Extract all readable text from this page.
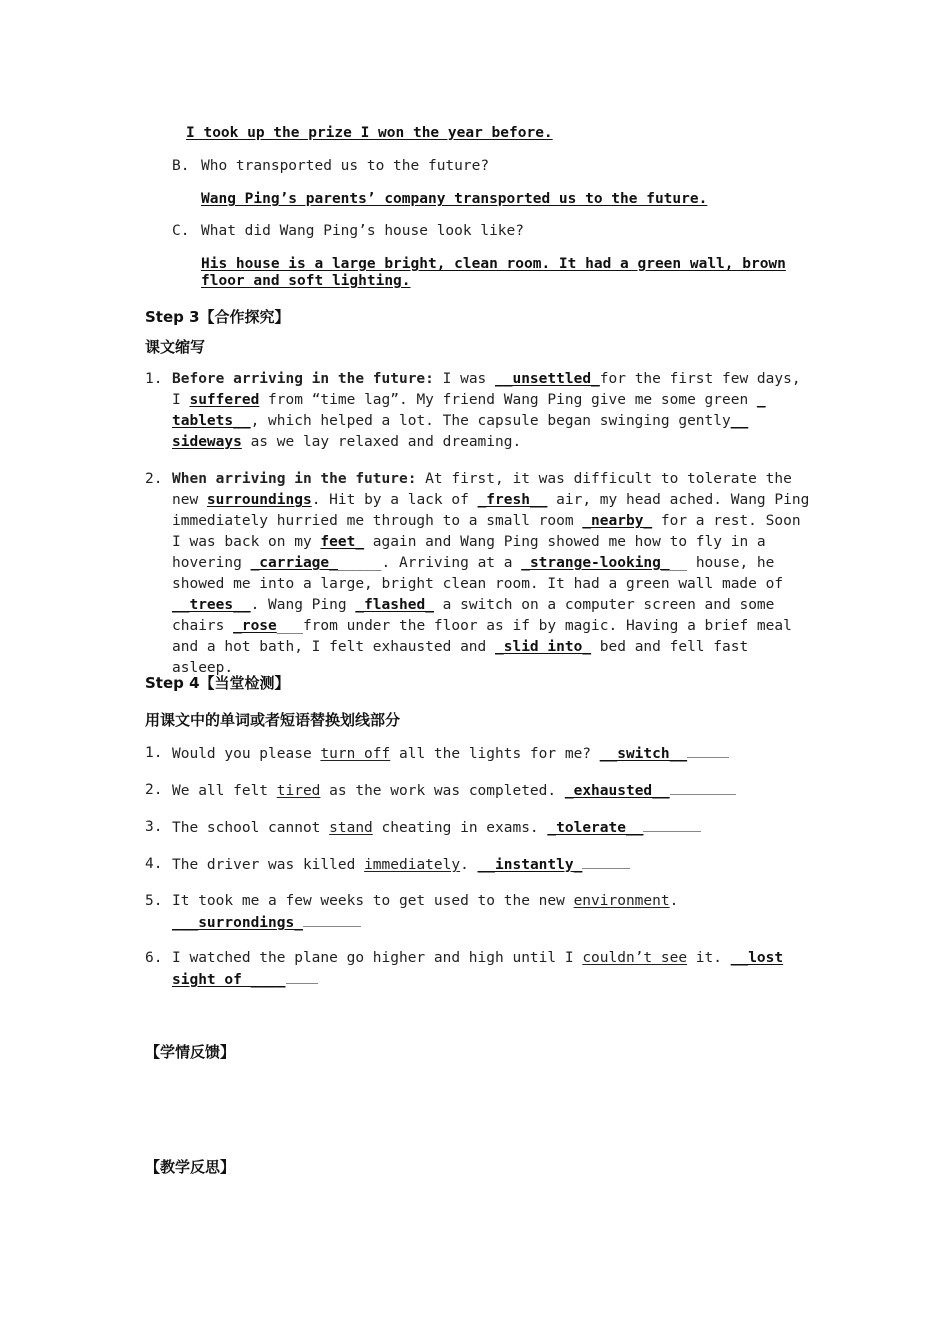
I took up the prize I won the year before.
B. Who transported us to the future?
Wang Ping’s parents’ company transported us to the future.
C. What did Wang Ping’s house look like?
His house is a large bright, clean room. It had a green wall, brown
floor and soft lighting.
Step 3【合作探究】
课文缩写
1. Before arriving in the future: I was __unsettled_for the first few days, I suffered from “time lag”. My friend Wang Ping give me some green _ tablets__, which helped a lot. The capsule began swinging gently__ sideways as we lay relaxed and dreaming.
2. When arriving in the future: At first, it was difficult to tolerate the new surroundings. Hit by a lack of _fresh__ air, my head ached. Wang Ping immediately hurried me through to a small room _nearby_ for a rest. Soon I was back on my feet_ again and Wang Ping showed me how to fly in a hovering _carriage______. Arriving at a _strange-looking___ house, he showed me into a large, bright clean room. It had a green wall made of __trees__. Wang Ping _flashed_ a switch on a computer screen and some chairs _rose___from under the floor as if by magic. Having a brief meal and a hot bath, I felt exhausted and _slid into_ bed and fell fast asleep.
Step 4【当堂检测】
用课文中的单词或者短语替换划线部分
1. Would you please turn off all the lights for me? __switch__
2. We all felt tired as the work was completed. _exhausted__
3. The school cannot stand cheating in exams. _tolerate__
4. The driver was killed immediately. __instantly_
5. It took me a few weeks to get used to the new environment.
___surrondings_
6. I watched the plane go higher and high until I couldn’t see it. __lost
sight of ____
【学情反馈】
【教学反思】
